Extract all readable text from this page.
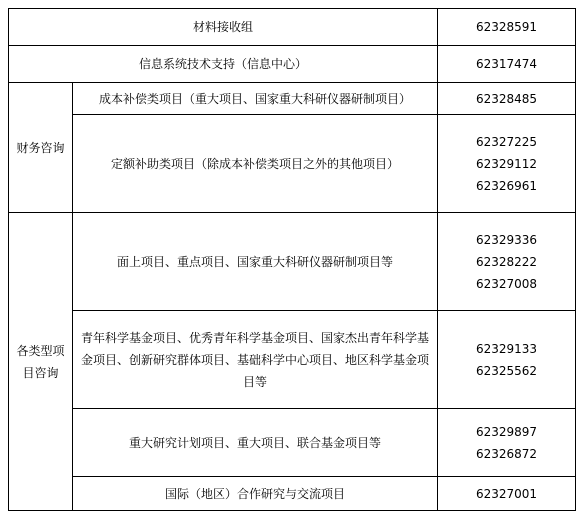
材料接收组		62328591
信息系统技术支持（信息中心）		62317474
财务咨询	成本补偿类项目（重大项目、国家重大科研仪器研制项目）	62328485
	定额补助类项目（除成本补偿类项目之外的其他项目）	62327225
62329112
62326961

各类型项目咨询	面上项目、重点项目、国家重大科研仪器研制项目等	62329336
62328222
62327008

	青年科学基金项目、优秀青年科学基金项目、国家杰出青年科学基金项目、创新研究群体项目、基础科学中心项目、地区科学基金项目等	62329133
62325562

	重大研究计划项目、重大项目、联合基金项目等	62329897
62326872

	国际（地区）合作研究与交流项目	62327001
